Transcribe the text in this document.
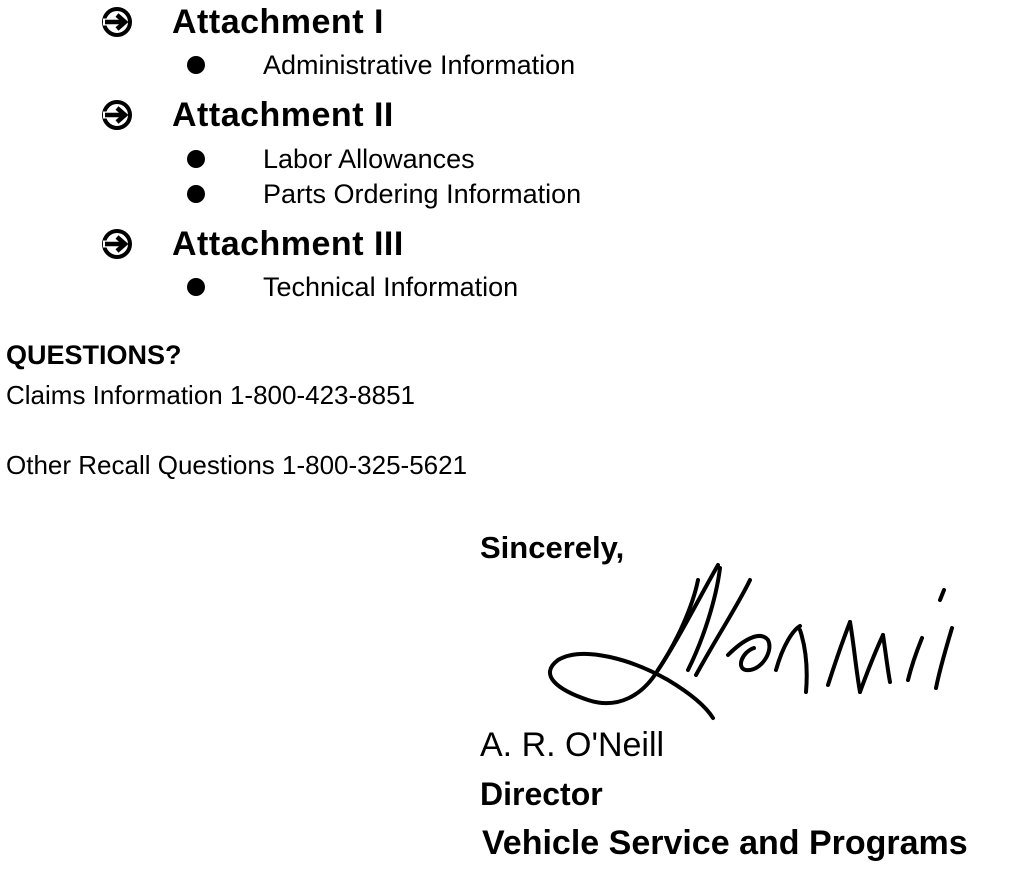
Attachment I
Administrative Information
Attachment II
Labor Allowances
Parts Ordering Information
Attachment III
Technical Information
QUESTIONS?
Claims Information 1-800-423-8851
Other Recall Questions 1-800-325-5621
Sincerely,
A. R. O'Neill
Director
Vehicle Service and Programs
